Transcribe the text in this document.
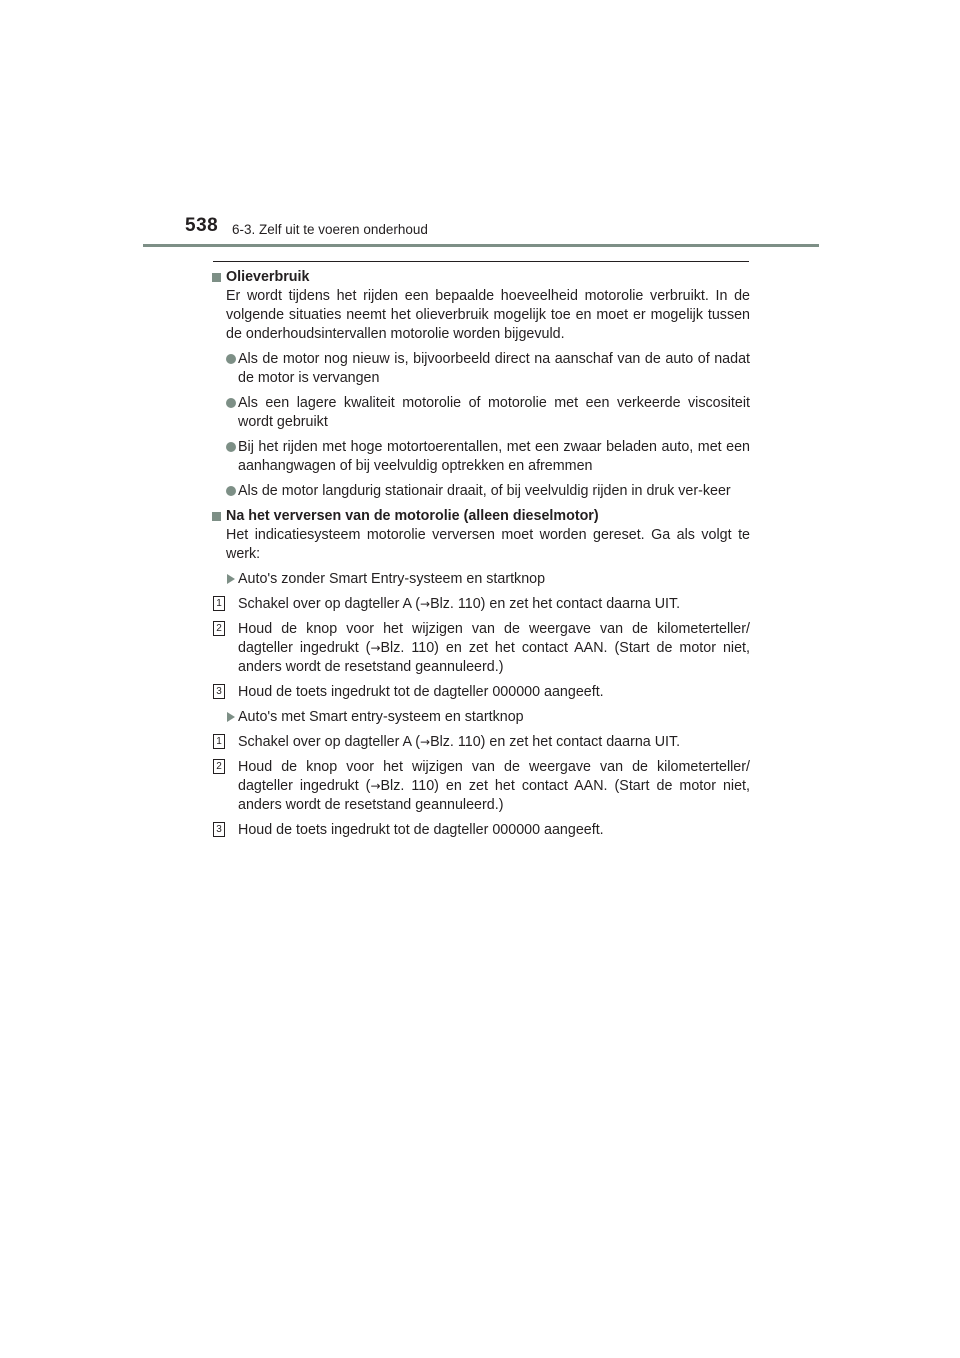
538 6-3. Zelf uit te voeren onderhoud

Olieverbruik

Er wordt tijdens het rijden een bepaalde hoeveelheid motorolie verbruikt. In de volgende situaties neemt het olieverbruik mogelijk toe en moet er mogelijk tussen de onderhoudsintervallen motorolie worden bijgevuld.

Als de motor nog nieuw is, bijvoorbeeld direct na aanschaf van de auto of nadat de motor is vervangen
Als een lagere kwaliteit motorolie of motorolie met een verkeerde viscositeit wordt gebruikt
Bij het rijden met hoge motortoerentallen, met een zwaar beladen auto, met een aanhangwagen of bij veelvuldig optrekken en afremmen
Als de motor langdurig stationair draait, of bij veelvuldig rijden in druk ver-keer

Na het verversen van de motorolie (alleen dieselmotor)

Het indicatiesysteem motorolie verversen moet worden gereset. Ga als volgt te werk:

Auto's zonder Smart Entry-systeem en startknop
1 Schakel over op dagteller A (→Blz. 110) en zet het contact daarna UIT.
2 Houd de knop voor het wijzigen van de weergave van de kilometerteller/ dagteller ingedrukt (→Blz. 110) en zet het contact AAN. (Start de motor niet, anders wordt de resetstand geannuleerd.)
3 Houd de toets ingedrukt tot de dagteller 000000 aangeeft.
Auto's met Smart entry-systeem en startknop
1 Schakel over op dagteller A (→Blz. 110) en zet het contact daarna UIT.
2 Houd de knop voor het wijzigen van de weergave van de kilometerteller/ dagteller ingedrukt (→Blz. 110) en zet het contact AAN. (Start de motor niet, anders wordt de resetstand geannuleerd.)
3 Houd de toets ingedrukt tot de dagteller 000000 aangeeft.
